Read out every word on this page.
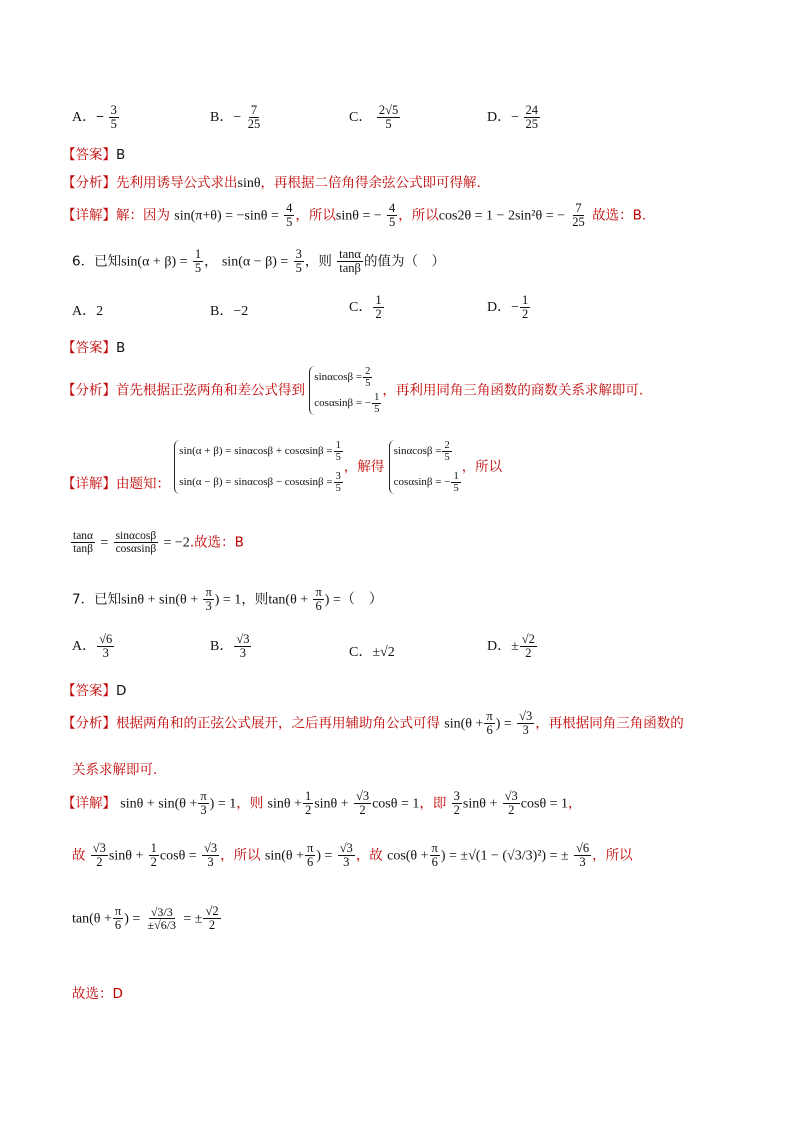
A．− $\frac{3}{5}$	B．− $\frac{7}{25}$	C． $\frac{2√5}{5}$	D．− $\frac{24}{25}$
【答案】B
【分析】先利用诱导公式求出sinθ，再根据二倍角得余弦公式即可得解.
【详解】解：因为 $\sin(\pi+\theta) = -\sin\theta = \frac{4}{5}$ ，所以sinθ = − $\frac{4}{5}$ ，所以cos2θ = 1 − 2sin²θ = − $\frac{7}{25}$ 故选：B.
6．已知$\sin(\alpha + \beta) = \frac{1}{5}$ ， $\sin(\alpha - \beta) = \frac{3}{5}$ ，则 $\frac{\tan\alpha}{\tan\beta}$ 的值为（　）
A．2	B．−2	C． $\frac{1}{2}$	D．− $\frac{1}{2}$
【答案】B
【分析】首先根据正弦两角和差公式得到
$\sin\alpha\cos\beta = \frac{2}{5}$
cosαsinβ = − $\frac{1}{5}$
，再利用同角三角函数的商数关系求解即可.
【详解】由题知：
$\sin(\alpha + \beta) = \sin\alpha\cos\beta + \cos\alpha\sin\beta = \frac{1}{5}$
$\sin(\alpha - \beta) = \sin\alpha\cos\beta - \cos\alpha\sin\beta = \frac{3}{5}$
，解得
$\sin\alpha\cos\beta = \frac{2}{5}$
cosαsinβ = − $\frac{1}{5}$
，所以
$\frac{\tan\alpha}{\tan\beta} = \frac{\sin\alpha\cos\beta}{\cos\alpha\sin\beta} = -2$.故选：B
7．已知$\sin\theta + \sin(\theta + \frac{\pi}{3}$ ) = 1，则$\tan(\theta + \frac{\pi}{6}$ ) =（　）
A． $\frac{√6}{3}$	B． $\frac{√3}{3}$	C．±√2	D．± $\frac{√2}{2}$
【答案】D
【分析】根据两角和的正弦公式展开，之后再用辅助角公式可得 $\sin(\theta + \frac{\pi}{6}$ ) = $\frac{√3}{3}$ ，再根据同角三角函数的
关系求解即可.
【详解】 $\sin\theta + \sin(\theta + \frac{\pi}{3}$ ) = 1，则 $\sin\theta + \frac{1}{2}$ $\sin\theta + \frac{√3}{2}$ cosθ = 1，即 $\frac{3}{2}$ $\sin\theta + \frac{√3}{2}$ cosθ = 1，
故 $\frac{√3}{2}$ $\sin\theta + \frac{1}{2}$ $\cos\theta = \frac{√3}{3}$ ，所以 $\sin(\theta + \frac{\pi}{6}$ ) = $\frac{√3}{3}$ ，故 $\cos(\theta + \frac{\pi}{6}$ ) = ±√(1 − (√3/3)²) = ± $\frac{√6}{3}$ ，所以
$\tan(\theta + \frac{\pi}{6}$ ) = $\frac{√3/3}{\pm√6/3}$ = ± $\frac{√2}{2}$
故选：D
